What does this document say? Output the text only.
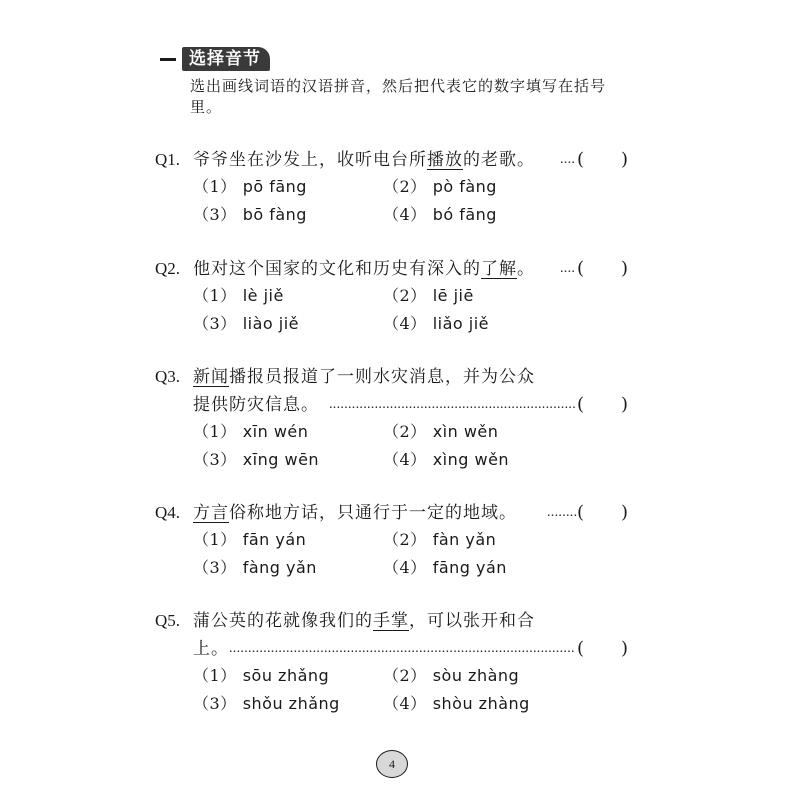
选择音节
选出画线词语的汉语拼音，然后把代表它的数字填写在括号里。
Q1. 爷爷坐在沙发上，收听电台所播放的老歌。 .... ( )
（1） pō fāng	（2） pò fàng
（3） bō fàng	（4） bó fāng
Q2. 他对这个国家的文化和历史有深入的了解。 .... ( )
（1） lè jiě	（2） lē jiē
（3） liào jiě	（4） liǎo jiě
Q3. 新闻播报员报道了一则水灾消息，并为公众
提供防灾信息。 ................................................................. ( )
（1） xīn wén	（2） xìn wěn
（3） xīng wēn	（4） xìng wěn
Q4. 方言俗称地方话，只通行于一定的地域。 ........ ( )
（1） fān yán	（2） fàn yǎn
（3） fàng yǎn	（4） fāng yán
Q5. 蒲公英的花就像我们的手掌，可以张开和合
上。 ........................................................................................... ( )
（1） sōu zhǎng	（2） sòu zhàng
（3） shǒu zhǎng	（4） shòu zhàng
4
